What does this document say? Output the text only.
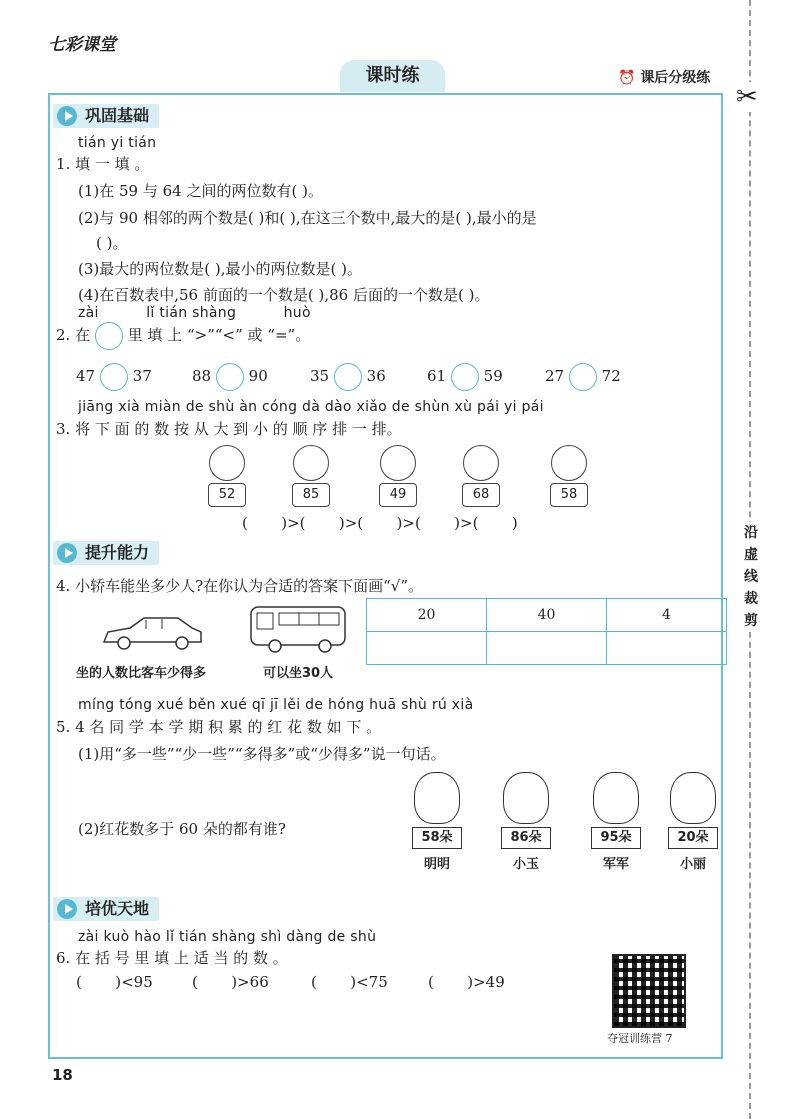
七彩课堂
课时练	⏰ 课后分级练
✂
沿虚线裁剪
巩固基础
tián yi tián
1. 填 一 填 。
(1)在 59 与 64 之间的两位数有( )。
(2)与 90 相邻的两个数是( )和( ),在这三个数中,最大的是( ),最小的是
( )。
(3)最大的两位数是( ),最小的两位数是( )。
(4)在百数表中,56 前面的一个数是( ),86 后面的一个数是( )。
zài          lǐ tián shàng          huò
2. 在	里 填 上 “>”“<” 或 “=”。
47	37	88	90	35	36	61	59	27	72
jiāng xià miàn de shù àn cóng dà dào xiǎo de shùn xù pái yi pái
3. 将 下 面 的 数 按 从 大 到 小 的 顺 序 排 一 排。
52	85	49	68	58
(       )>(       )>(       )>(       )>(       )
提升能力
4. 小轿车能坐多少人?在你认为合适的答案下面画“√”。
坐的人数比客车少得多	可以坐30人
20	40	4

míng tóng xué běn xué qī jī lěi de hóng huā shù rú xià
5. 4 名 同 学 本 学 期 积 累 的 红 花 数 如 下 。
(1)用“多一些”“少一些”“多得多”或“少得多”说一句话。
(2)红花数多于 60 朵的都有谁?	58朵
明明
86朵
小玉
95朵
军军
20朵
小丽
培优天地
zài kuò hào lǐ tián shàng shì dàng de shù
6. 在 括 号 里 填 上 适 当 的 数 。
(       )<95	(       )>66	(       )<75	(       )>49
夺冠训练营 7
18
